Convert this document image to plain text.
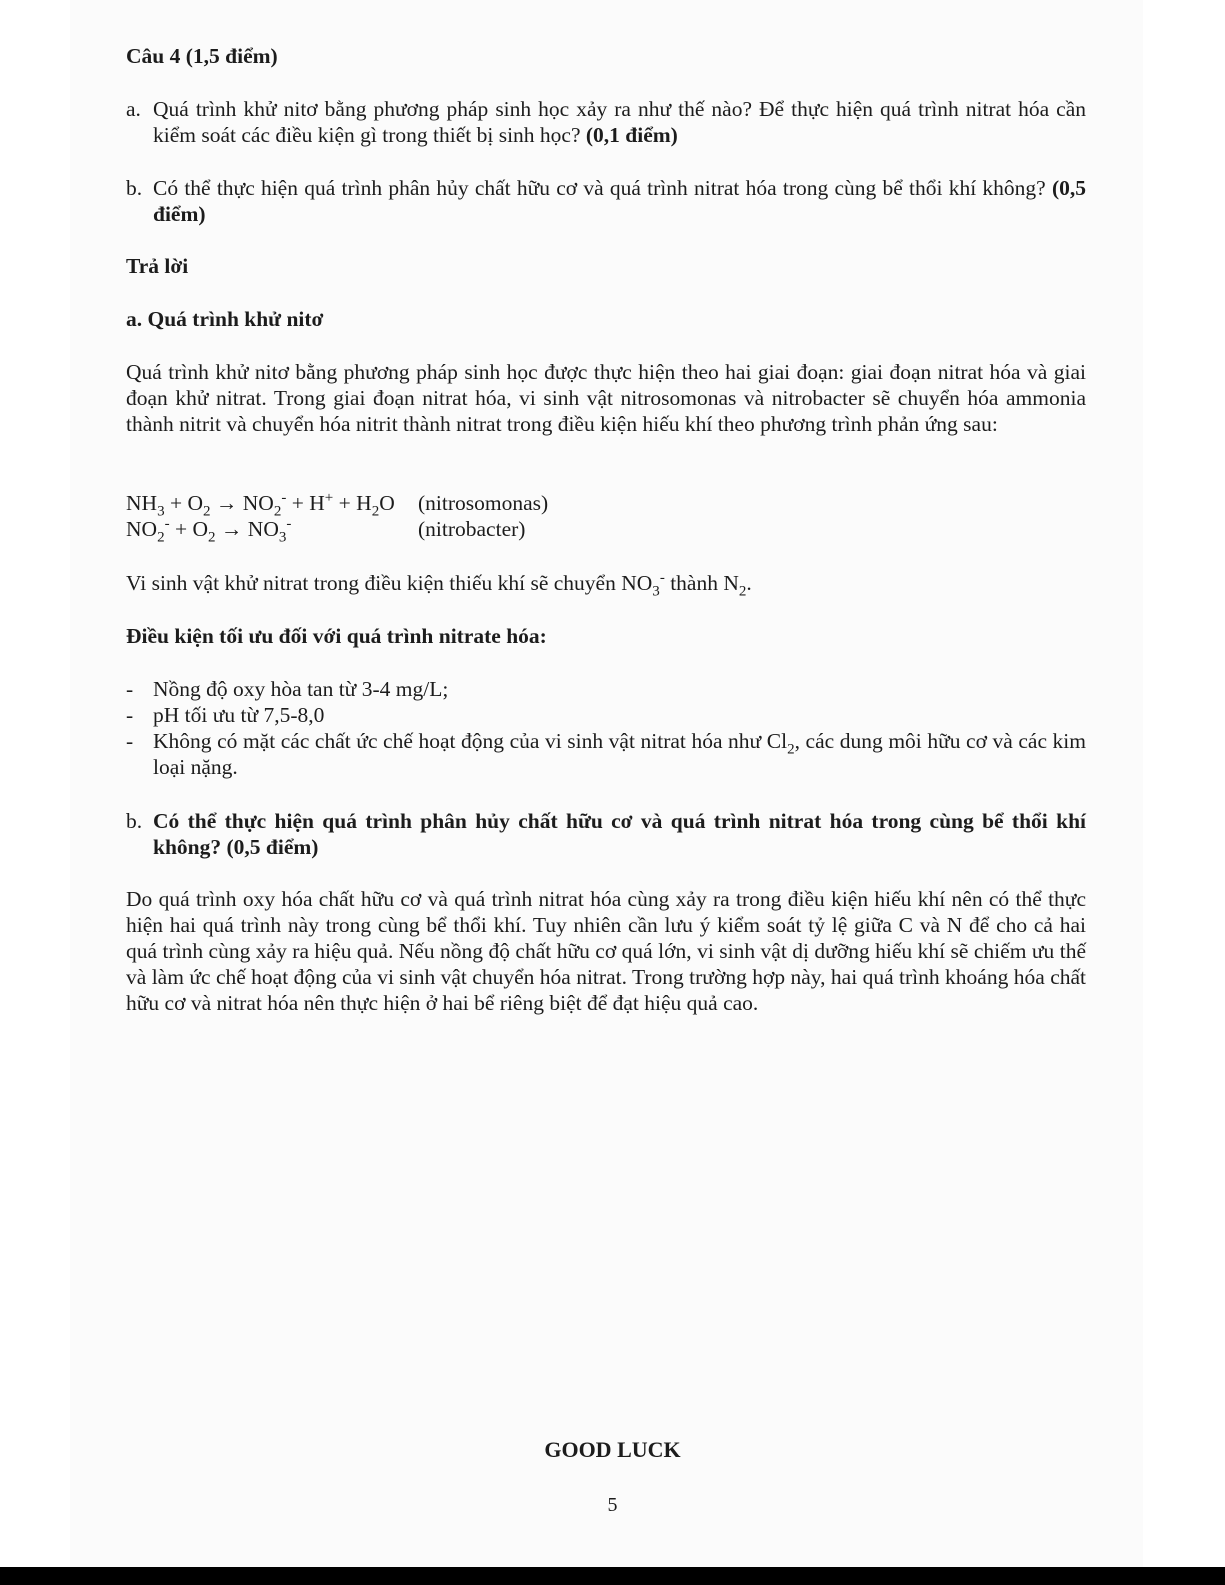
Câu 4 (1,5 điểm)
a. Quá trình khử nitơ bằng phương pháp sinh học xảy ra như thế nào? Để thực hiện quá trình nitrat hóa cần kiểm soát các điều kiện gì trong thiết bị sinh học? (0,1 điểm)
b. Có thể thực hiện quá trình phân hủy chất hữu cơ và quá trình nitrat hóa trong cùng bể thổi khí không? (0,5 điểm)
Trả lời
a. Quá trình khử nitơ
Quá trình khử nitơ bằng phương pháp sinh học được thực hiện theo hai giai đoạn: giai đoạn nitrat hóa và giai đoạn khử nitrat. Trong giai đoạn nitrat hóa, vi sinh vật nitrosomonas và nitrobacter sẽ chuyển hóa ammonia thành nitrit và chuyển hóa nitrit thành nitrat trong điều kiện hiếu khí theo phương trình phản ứng sau:
$NH_3 + O_2 \to NO_2^- + H^+ + H_2O$ (nitrosomonas)
$NO_2^- + O_2 \to NO_3^-$	(nitrobacter)
Vi sinh vật khử nitrat trong điều kiện thiếu khí sẽ chuyển $NO_3^-$ thành $N_2$.
Điều kiện tối ưu đối với quá trình nitrate hóa:
- Nồng độ oxy hòa tan từ 3-4 mg/L;
- pH tối ưu từ 7,5-8,0
- Không có mặt các chất ức chế hoạt động của vi sinh vật nitrat hóa như $Cl_2$, các dung môi hữu cơ và các kim loại nặng.
b. Có thể thực hiện quá trình phân hủy chất hữu cơ và quá trình nitrat hóa trong cùng bể thổi khí không? (0,5 điểm)
Do quá trình oxy hóa chất hữu cơ và quá trình nitrat hóa cùng xảy ra trong điều kiện hiếu khí nên có thể thực hiện hai quá trình này trong cùng bể thổi khí. Tuy nhiên cần lưu ý kiểm soát tỷ lệ giữa C và N để cho cả hai quá trình cùng xảy ra hiệu quả. Nếu nồng độ chất hữu cơ quá lớn, vi sinh vật dị dưỡng hiếu khí sẽ chiếm ưu thế và làm ức chế hoạt động của vi sinh vật chuyển hóa nitrat. Trong trường hợp này, hai quá trình khoáng hóa chất hữu cơ và nitrat hóa nên thực hiện ở hai bể riêng biệt để đạt hiệu quả cao.
GOOD LUCK
5
